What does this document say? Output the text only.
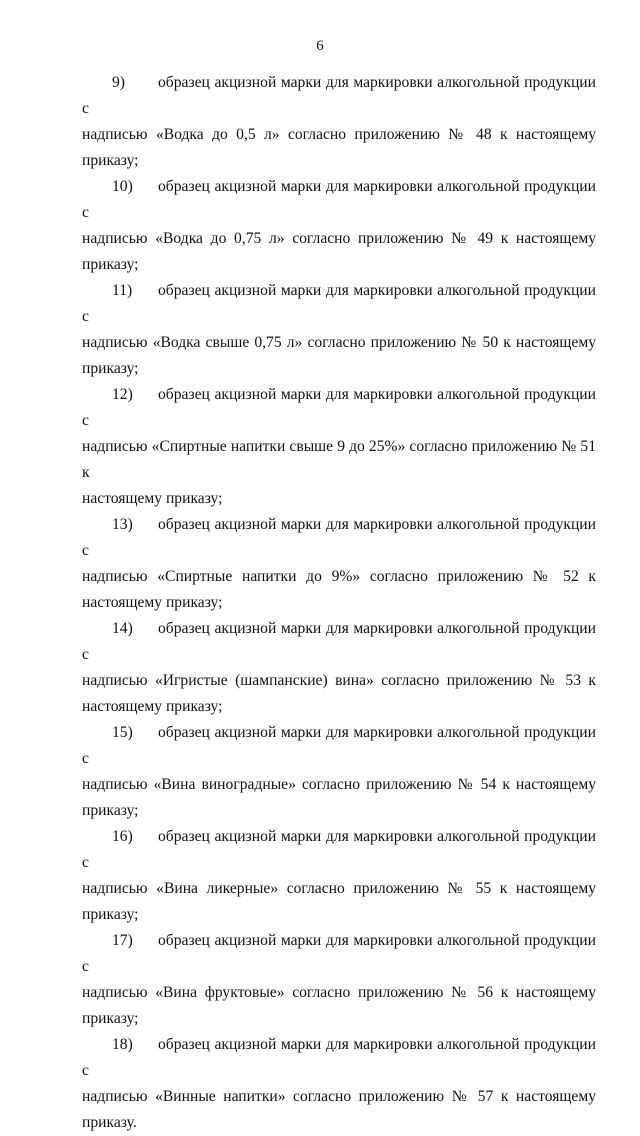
6
9) образец акцизной марки для маркировки алкогольной продукции с
надписью «Водка до 0,5 л» согласно приложению № 48 к настоящему приказу;
10) образец акцизной марки для маркировки алкогольной продукции с
надписью «Водка до 0,75 л» согласно приложению № 49 к настоящему приказу;
11) образец акцизной марки для маркировки алкогольной продукции с
надписью «Водка свыше 0,75 л» согласно приложению № 50 к настоящему
приказу;
12) образец акцизной марки для маркировки алкогольной продукции с
надписью «Спиртные напитки свыше 9 до 25%» согласно приложению № 51 к
настоящему приказу;
13) образец акцизной марки для маркировки алкогольной продукции с
надписью «Спиртные напитки до 9%» согласно приложению № 52 к
настоящему приказу;
14) образец акцизной марки для маркировки алкогольной продукции с
надписью «Игристые (шампанские) вина» согласно приложению № 53 к
настоящему приказу;
15) образец акцизной марки для маркировки алкогольной продукции с
надписью «Вина виноградные» согласно приложению № 54 к настоящему
приказу;
16) образец акцизной марки для маркировки алкогольной продукции с
надписью «Вина ликерные» согласно приложению № 55 к настоящему приказу;
17) образец акцизной марки для маркировки алкогольной продукции с
надписью «Вина фруктовые» согласно приложению № 56 к настоящему
приказу;
18) образец акцизной марки для маркировки алкогольной продукции с
надписью «Винные напитки» согласно приложению № 57 к настоящему
приказу.
